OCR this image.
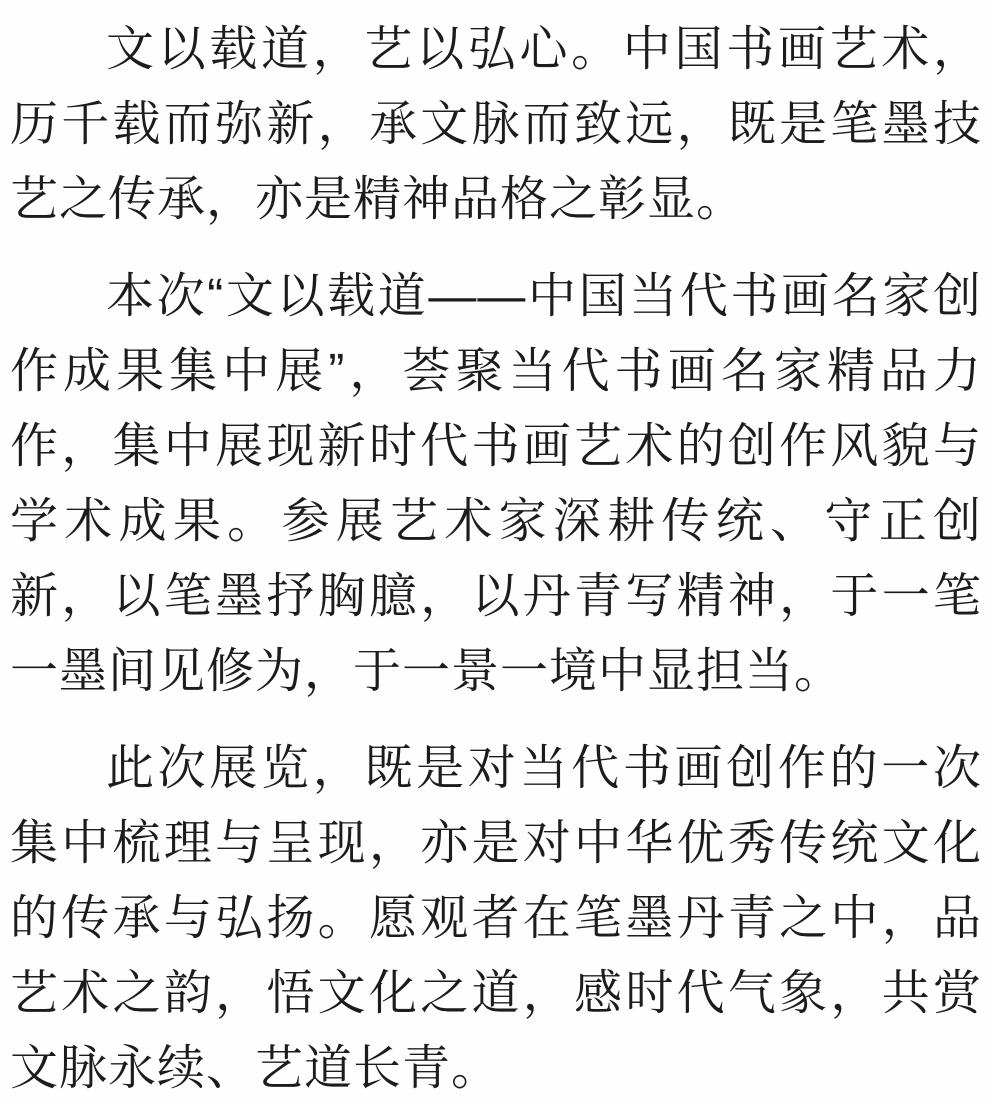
文以载道，艺以弘心。中国书画艺术，历千载而弥新，承文脉而致远，既是笔墨技艺之传承，亦是精神品格之彰显。

本次“文以载道——中国当代书画名家创作成果集中展”，荟聚当代书画名家精品力作，集中展现新时代书画艺术的创作风貌与学术成果。参展艺术家深耕传统、守正创新，以笔墨抒胸臆，以丹青写精神，于一笔一墨间见修为，于一景一境中显担当。

此次展览，既是对当代书画创作的一次集中梳理与呈现，亦是对中华优秀传统文化的传承与弘扬。愿观者在笔墨丹青之中，品艺术之韵，悟文化之道，感时代气象，共赏文脉永续、艺道长青。
